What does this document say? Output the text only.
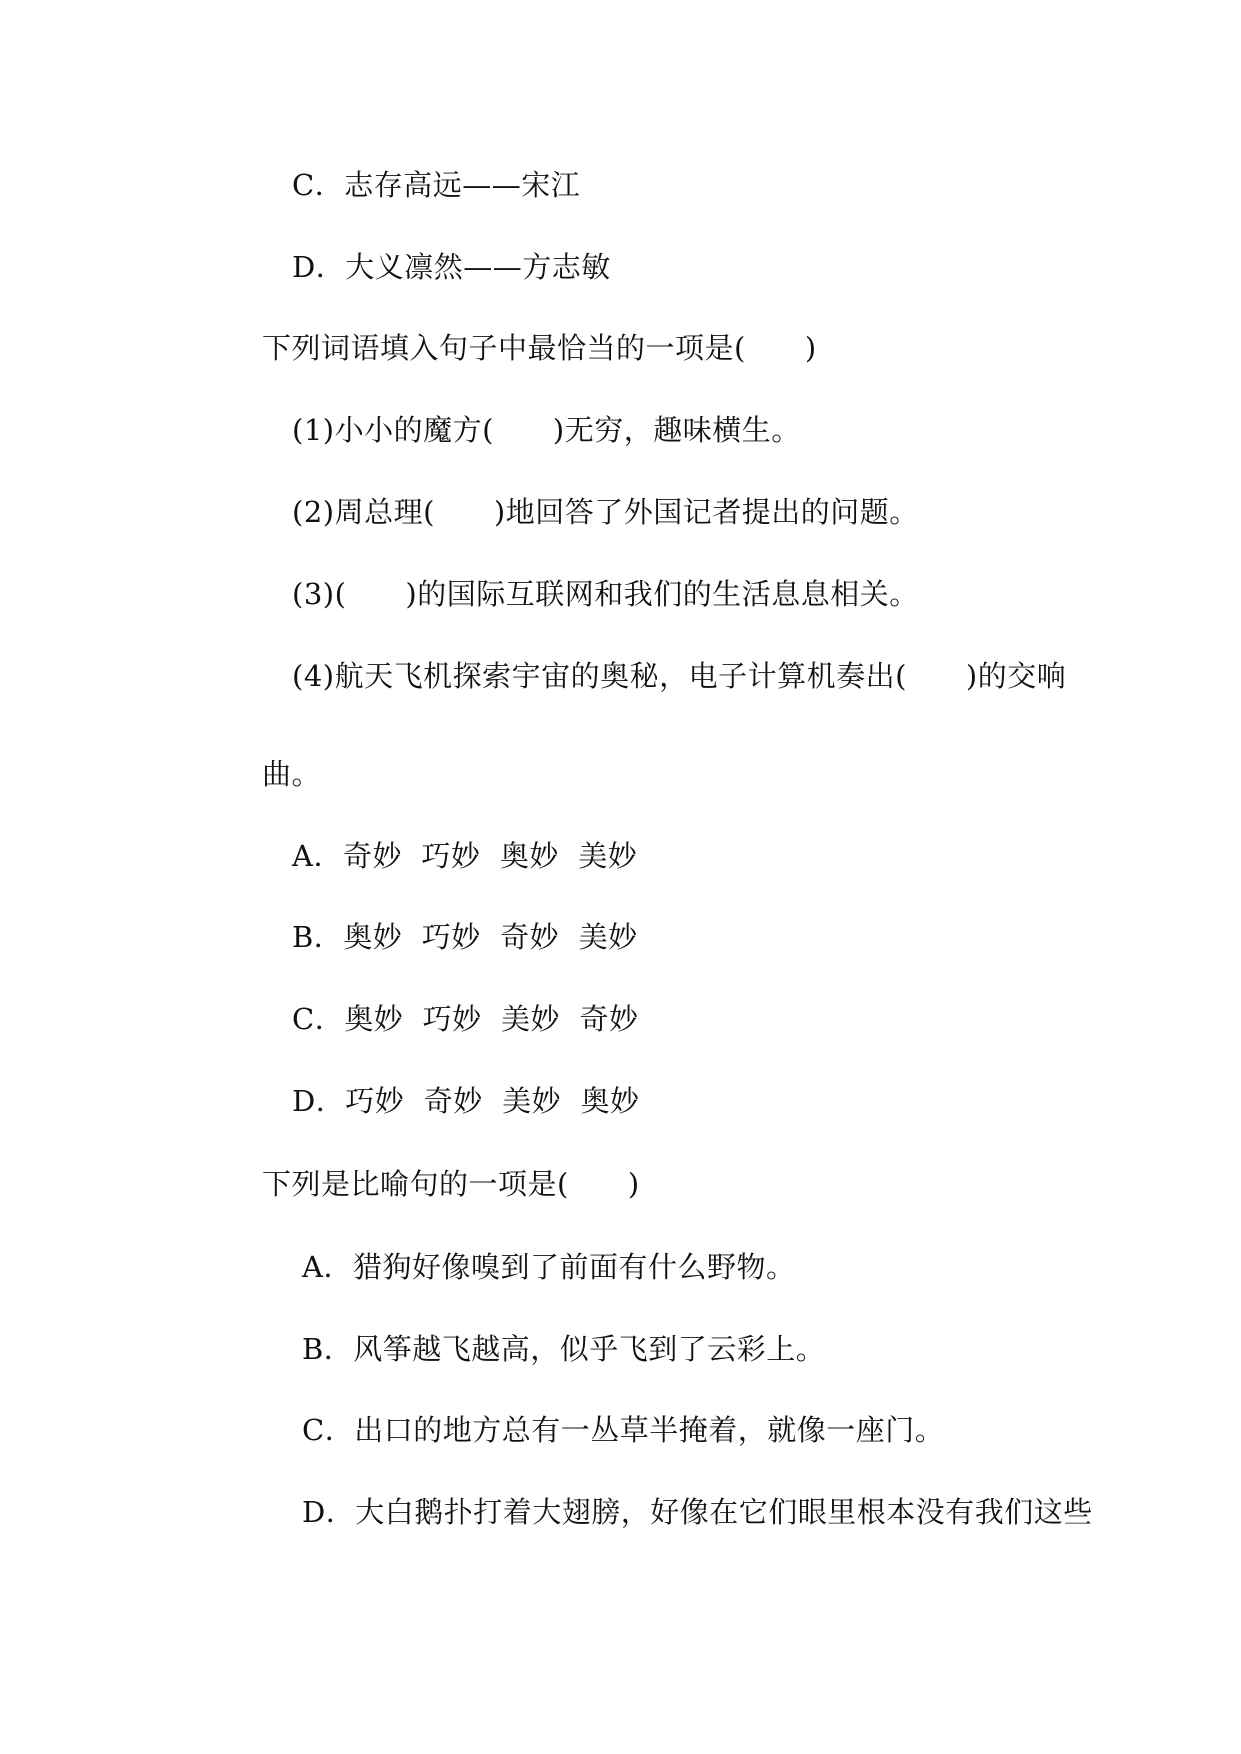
C．志存高远——宋江
D．大义凛然——方志敏
下列词语填入句子中最恰当的一项是(　　)
(1)小小的魔方(　　)无穷，趣味横生。
(2)周总理(　　)地回答了外国记者提出的问题。
(3)(　　)的国际互联网和我们的生活息息相关。
(4)航天飞机探索宇宙的奥秘，电子计算机奏出(　　)的交响
曲。
A．奇妙  巧妙  奥妙  美妙
B．奥妙  巧妙  奇妙  美妙
C．奥妙  巧妙  美妙  奇妙
D．巧妙  奇妙  美妙  奥妙
下列是比喻句的一项是(　　)
A．猎狗好像嗅到了前面有什么野物。
B．风筝越飞越高，似乎飞到了云彩上。
C．出口的地方总有一丛草半掩着，就像一座门。
D．大白鹅扑打着大翅膀，好像在它们眼里根本没有我们这些
